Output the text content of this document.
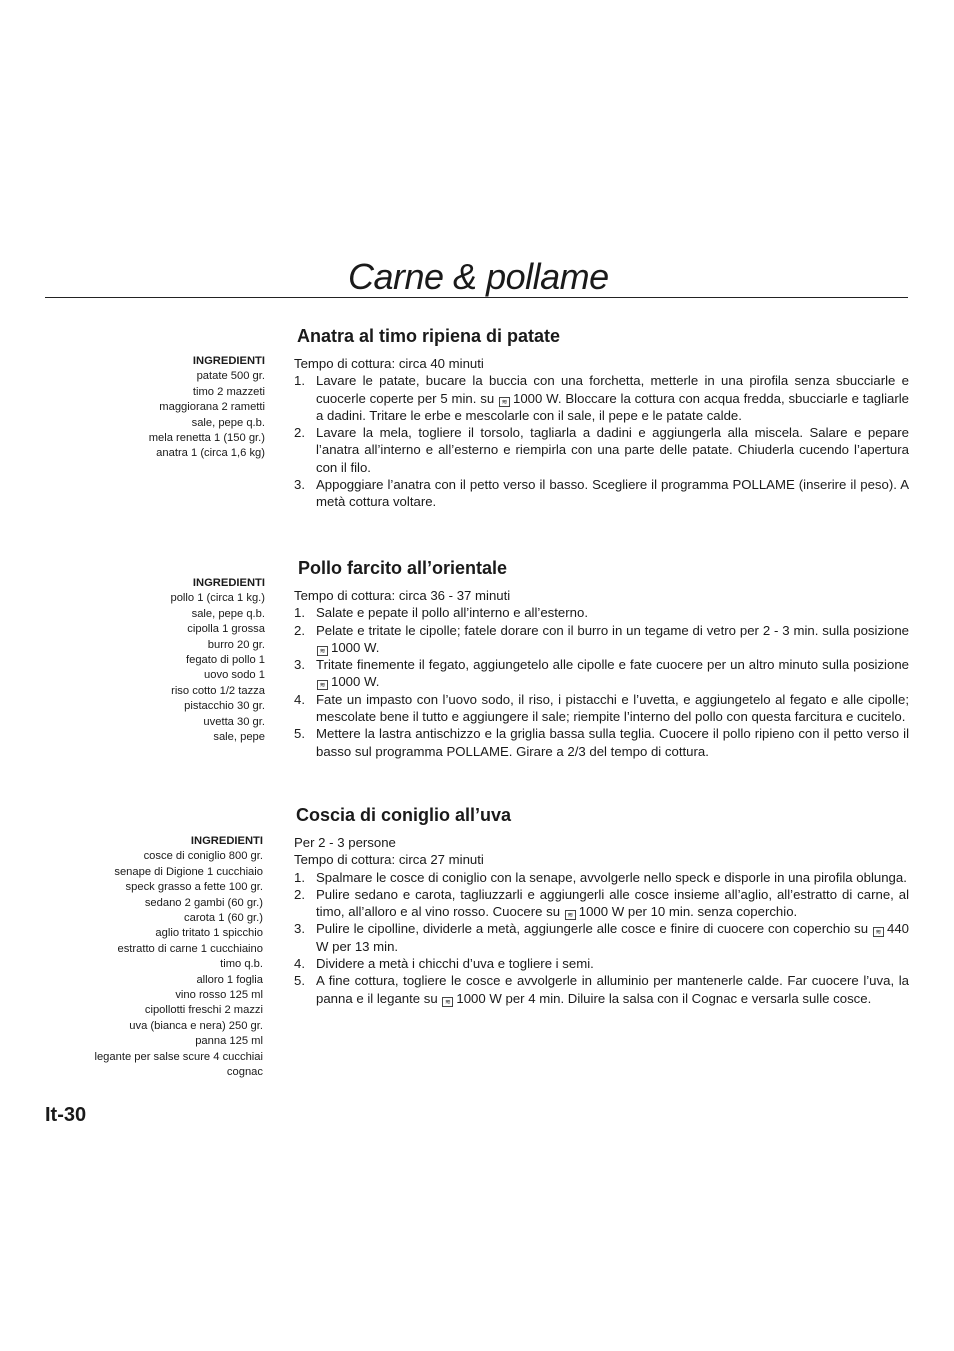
Carne & pollame
Anatra al timo ripiena di patate
INGREDIENTI
patate 500 gr.
timo 2 mazzeti
maggiorana 2 rametti
sale, pepe q.b.
mela renetta 1 (150 gr.)
anatra 1 (circa 1,6 kg)

Tempo di cottura: circa 40 minuti

1. Lavare le patate, bucare la buccia con una forchetta, metterle in una pirofila senza sbucciarle e cuocerle coperte per 5 min. su ≋ 1000 W. Bloccare la cottura con acqua fredda, sbucciarle e tagliarle a dadini. Tritare le erbe e mescolarle con il sale, il pepe e le patate calde.
2. Lavare la mela, togliere il torsolo, tagliarla a dadini e aggiungerla alla miscela. Salare e pepare l’anatra all’interno e all’esterno e riempirla con una parte delle patate. Chiuderla cucendo l’apertura con il filo.
3. Appoggiare l’anatra con il petto verso il basso. Scegliere il programma POLLAME (inserire il peso). A metà cottura voltare.
Pollo farcito all’orientale
INGREDIENTI
pollo 1 (circa 1 kg.)
sale, pepe q.b.
cipolla 1 grossa
burro 20 gr.
fegato di pollo 1
uovo sodo 1
riso cotto 1/2 tazza
pistacchio 30 gr.
uvetta 30 gr.
sale, pepe

Tempo di cottura: circa 36 - 37 minuti

1. Salate e pepate il pollo all’interno e all’esterno.
2. Pelate e tritate le cipolle; fatele dorare con il burro in un tegame di vetro per 2 - 3 min. sulla posizione ≋ 1000 W.
3. Tritate finemente il fegato, aggiungetelo alle cipolle e fate cuocere per un altro minuto sulla posizione ≋ 1000 W.
4. Fate un impasto con l’uovo sodo, il riso, i pistacchi e l’uvetta, e aggiungetelo al fegato e alle cipolle; mescolate bene il tutto e aggiungere il sale; riempite l’interno del pollo con questa farcitura e cucitelo.
5. Mettere la lastra antischizzo e la griglia bassa sulla teglia. Cuocere il pollo ripieno con il petto verso il basso sul programma POLLAME. Girare a 2/3 del tempo di cottura.
Coscia di coniglio all’uva
INGREDIENTI
cosce di coniglio 800 gr.
senape di Digione 1 cucchiaio
speck grasso a fette 100 gr.
sedano 2 gambi (60 gr.)
carota 1 (60 gr.)
aglio tritato 1 spicchio
estratto di carne 1 cucchiaino
timo q.b.
alloro 1 foglia
vino rosso 125 ml
cipollotti freschi 2 mazzi
uva (bianca e nera) 250 gr.
panna 125 ml
legante per salse scure 4 cucchiai
cognac

Per 2 - 3 persone

Tempo di cottura: circa 27 minuti

1. Spalmare le cosce di coniglio con la senape, avvolgerle nello speck e disporle in una pirofila oblunga.
2. Pulire sedano e carota, tagliuzzarli e aggiungerli alle cosce insieme all’aglio, all’estratto di carne, al timo, all’alloro e al vino rosso. Cuocere su ≋ 1000 W per 10 min. senza coperchio.
3. Pulire le cipolline, dividerle a metà, aggiungerle alle cosce e finire di cuocere con coperchio su ≋ 440 W per 13 min.
4. Dividere a metà i chicchi d’uva e togliere i semi.
5. A fine cottura, togliere le cosce e avvolgerle in alluminio per mantenerle calde. Far cuocere l’uva, la panna e il legante su ≋ 1000 W per 4 min. Diluire la salsa con il Cognac e versarla sulle cosce.
It-30
